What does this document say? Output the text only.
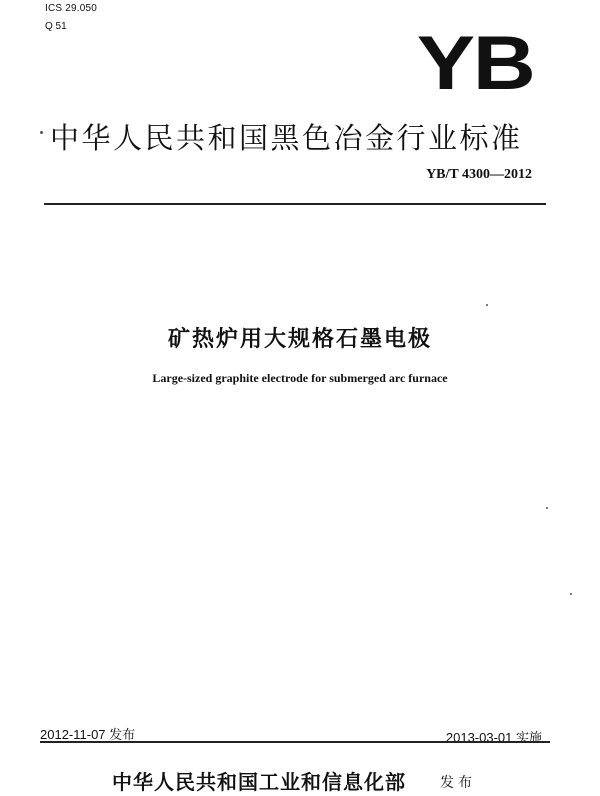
ICS 29.050
Q 51	YB
中华人民共和国黑色冶金行业标准
YB/T 4300—2012
矿热炉用大规格石墨电极
Large-sized graphite electrode for submerged arc furnace
2012-11-07 发布	2013-03-01 实施
中华人民共和国工业和信息化部 发布
